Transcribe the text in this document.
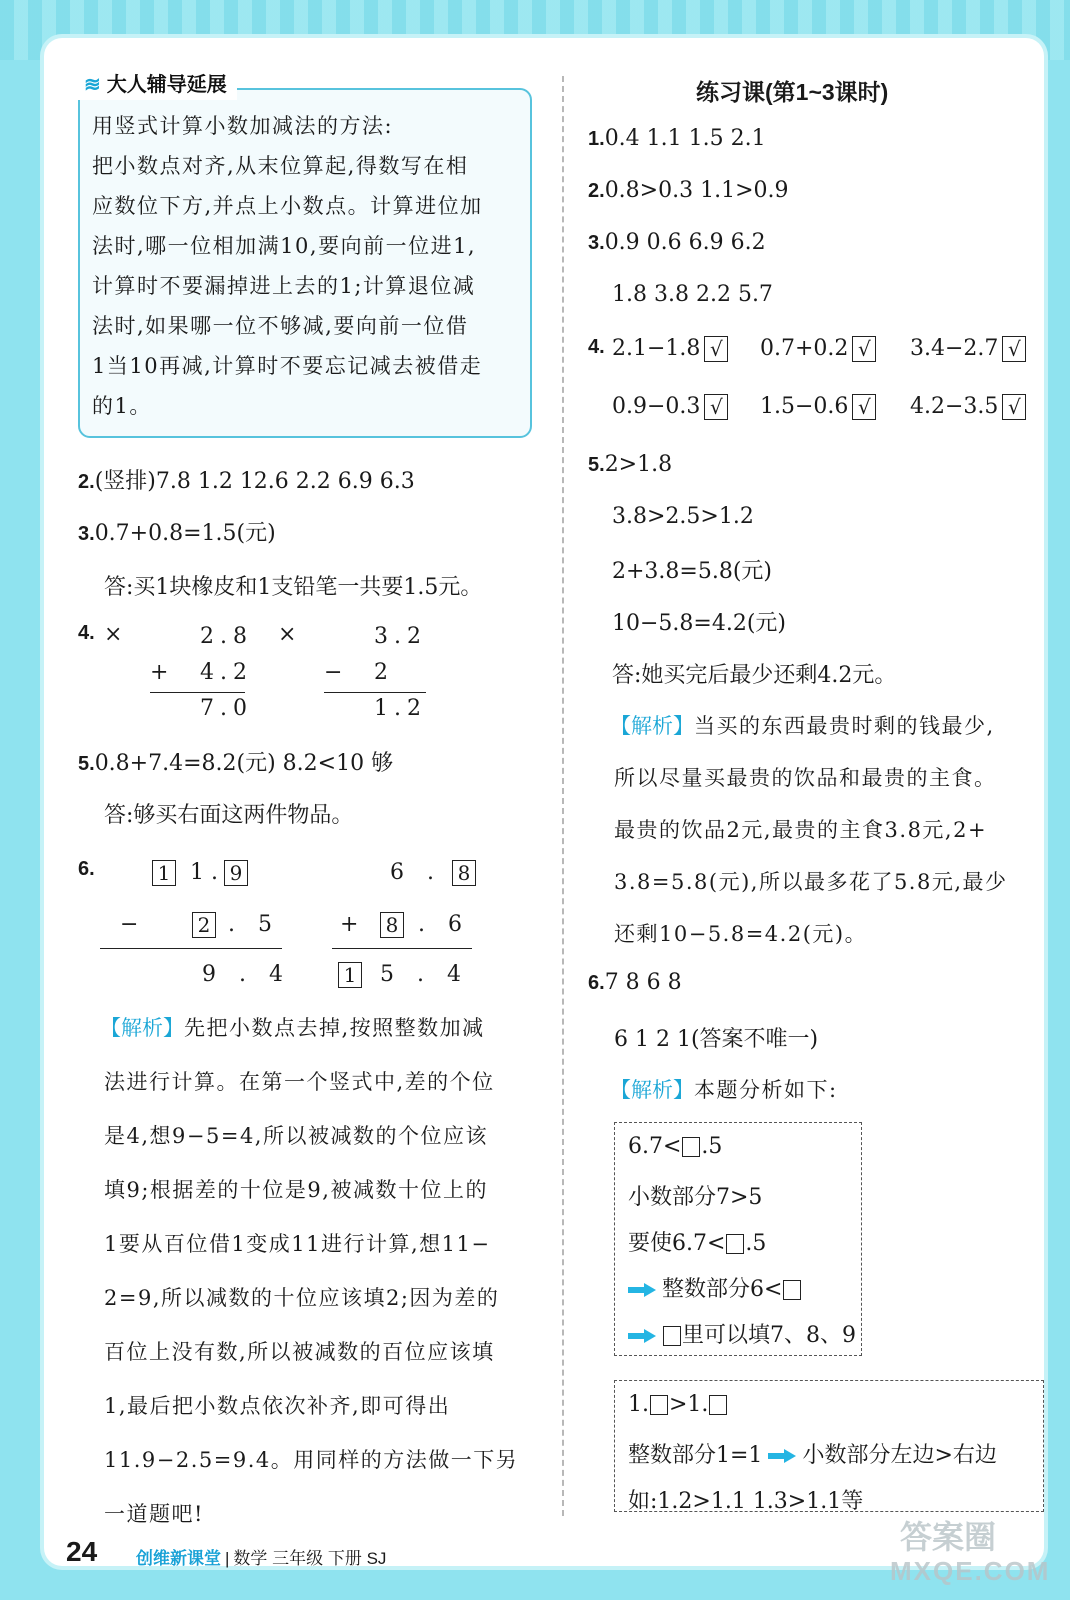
≋ 大人辅导延展
用竖式计算小数加减法的方法:
把小数点对齐,从末位算起,得数写在相
应数位下方,并点上小数点。计算进位加
法时,哪一位相加满10,要向前一位进1,
计算时不要漏掉进上去的1;计算退位减
法时,如果哪一位不够减,要向前一位借
1当10再减,计算时不要忘记减去被借走
的1。
2.(竖排)7.8 1.2 12.6 2.2 6.9 6.3
3.0.7+0.8=1.5(元)
答:买1块橡皮和1支铅笔一共要1.5元。
4. ×	2.8
+ 4.2
7.0
×	3.2
− 2
1.2
5.0.8+7.4=8.2(元) 8.2<10 够
答:够买右面这两件物品。
6.	1 1 . 9
−	2 . 5
9 . 4
6 . 8
+ 8 . 6
1 5 . 4
【解析】先把小数点去掉,按照整数加减
法进行计算。在第一个竖式中,差的个位
是4,想9−5=4,所以被减数的个位应该
填9;根据差的十位是9,被减数十位上的
1要从百位借1变成11进行计算,想11−
2=9,所以减数的十位应该填2;因为差的
百位上没有数,所以被减数的百位应该填
1,最后把小数点依次补齐,即可得出
11.9−2.5=9.4。用同样的方法做一下另
一道题吧!
练习课(第1~3课时)
1.0.4 1.1 1.5 2.1
2.0.8>0.3 1.1>0.9
3.0.9 0.6 6.9 6.2
1.8 3.8 2.2 5.7
4. 2.1−1.8 √ 0.7+0.2 √ 3.4−2.7 √
0.9−0.3 √ 1.5−0.6 √ 4.2−3.5 √
5.2>1.8
3.8>2.5>1.2
2+3.8=5.8(元)
10−5.8=4.2(元)
答:她买完后最少还剩4.2元。
【解析】当买的东西最贵时剩的钱最少,
所以尽量买最贵的饮品和最贵的主食。
最贵的饮品2元,最贵的主食3.8元,2+
3.8=5.8(元),所以最多花了5.8元,最少
还剩10−5.8=4.2(元)。
6.7 8 6 8
6 1 2 1(答案不唯一)
【解析】本题分析如下:
6.7< .5
小数部分7>5
要使6.7< .5
整数部分6<
里可以填7、8、9
1. >1.
整数部分1=1 小数部分左边>右边
如:1.2>1.1 1.3>1.1等
24 创维新课堂 | 数学 三年级 下册 SJ
答案圈
MXQE.COM
